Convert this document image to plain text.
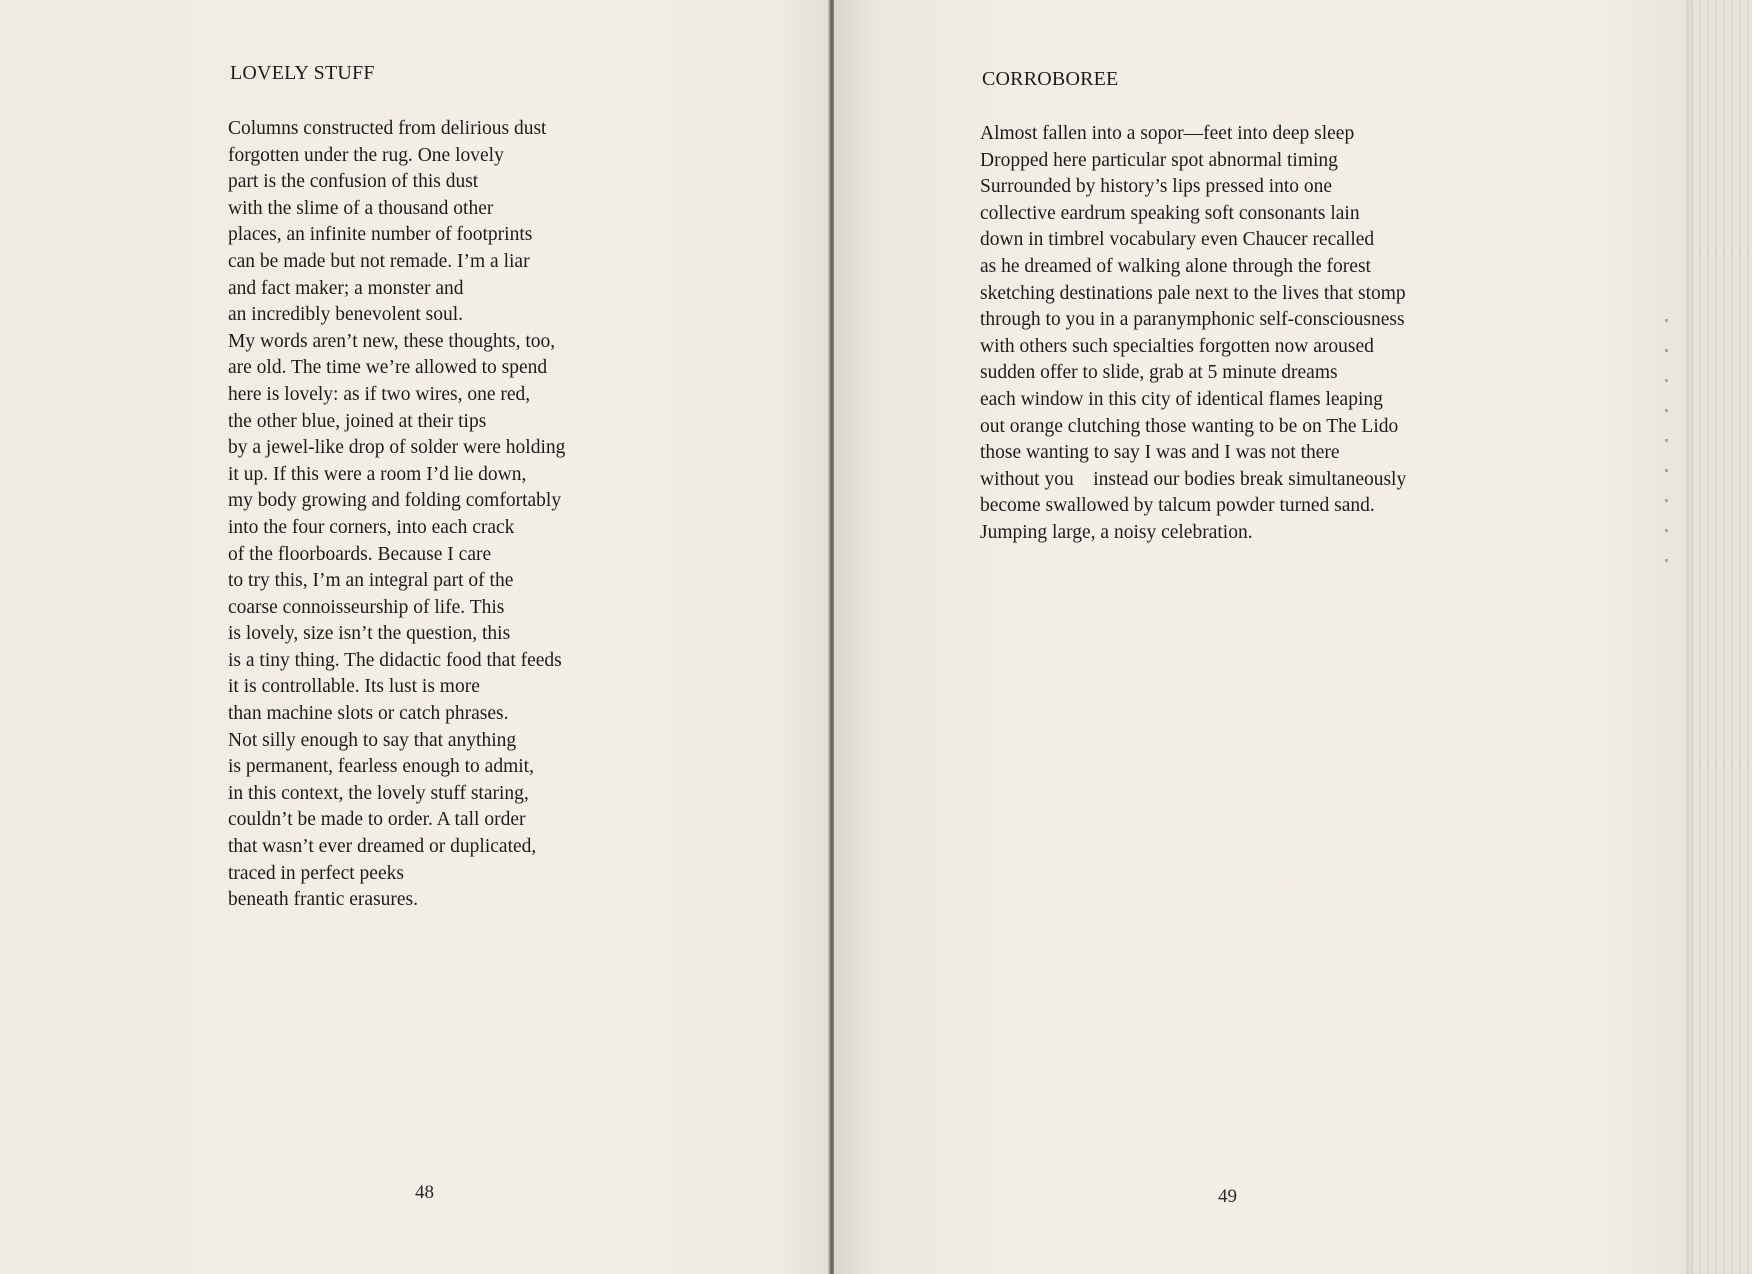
LOVELY STUFF
Columns constructed from delirious dust
forgotten under the rug. One lovely
part is the confusion of this dust
with the slime of a thousand other
places, an infinite number of footprints
can be made but not remade. I’m a liar
and fact maker; a monster and
an incredibly benevolent soul.
My words aren’t new, these thoughts, too,
are old. The time we’re allowed to spend
here is lovely: as if two wires, one red,
the other blue, joined at their tips
by a jewel-like drop of solder were holding
it up. If this were a room I’d lie down,
my body growing and folding comfortably
into the four corners, into each crack
of the floorboards. Because I care
to try this, I’m an integral part of the
coarse connoisseurship of life. This
is lovely, size isn’t the question, this
is a tiny thing. The didactic food that feeds
it is controllable. Its lust is more
than machine slots or catch phrases.
Not silly enough to say that anything
is permanent, fearless enough to admit,
in this context, the lovely stuff staring,
couldn’t be made to order. A tall order
that wasn’t ever dreamed or duplicated,
traced in perfect peeks
beneath frantic erasures.
48
CORROBOREE
Almost fallen into a sopor—feet into deep sleep
Dropped here particular spot abnormal timing
Surrounded by history’s lips pressed into one
collective eardrum speaking soft consonants lain
down in timbrel vocabulary even Chaucer recalled
as he dreamed of walking alone through the forest
sketching destinations pale next to the lives that stomp
through to you in a paranymphonic self-consciousness
with others such specialties forgotten now aroused
sudden offer to slide, grab at 5 minute dreams
each window in this city of identical flames leaping
out orange clutching those wanting to be on The Lido
those wanting to say I was and I was not there
without you    instead our bodies break simultaneously
become swallowed by talcum powder turned sand.
Jumping large, a noisy celebration.
49
